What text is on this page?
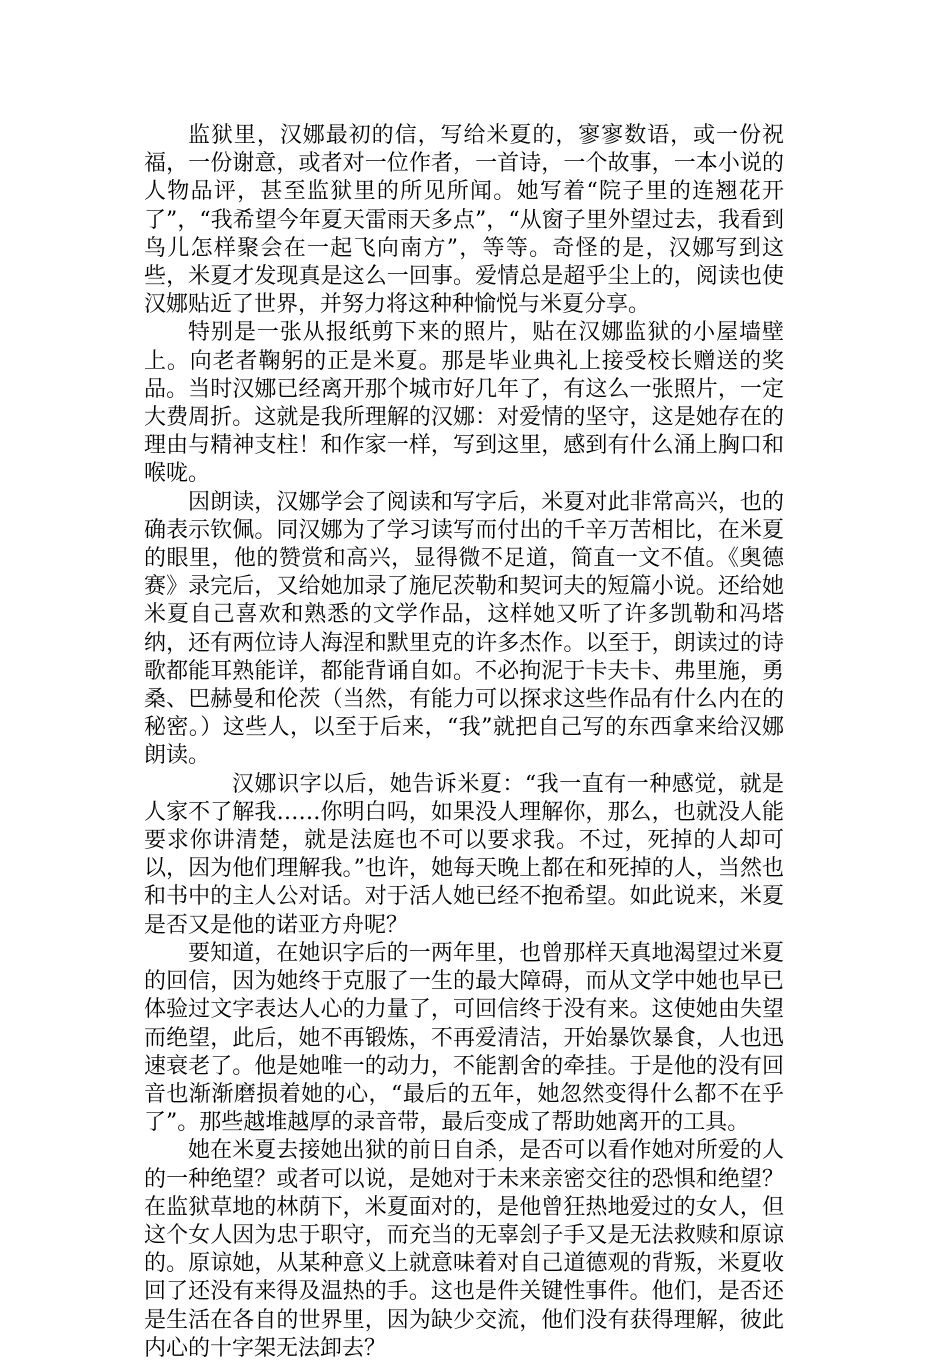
监狱里，汉娜最初的信，写给米夏的，寥寥数语，或一份祝福，一份谢意，或者对一位作者，一首诗，一个故事，一本小说的人物品评，甚至监狱里的所见所闻。她写着“院子里的连翘花开了”，“我希望今年夏天雷雨天多点”，“从窗子里外望过去，我看到鸟儿怎样聚会在一起飞向南方”，等等。奇怪的是，汉娜写到这些，米夏才发现真是这么一回事。爱情总是超乎尘上的，阅读也使汉娜贴近了世界，并努力将这种种愉悦与米夏分享。

特别是一张从报纸剪下来的照片，贴在汉娜监狱的小屋墙壁上。向老者鞠躬的正是米夏。那是毕业典礼上接受校长赠送的奖品。当时汉娜已经离开那个城市好几年了，有这么一张照片，一定大费周折。这就是我所理解的汉娜：对爱情的坚守，这是她存在的理由与精神支柱！和作家一样，写到这里，感到有什么涌上胸口和喉咙。

因朗读，汉娜学会了阅读和写字后，米夏对此非常高兴，也的确表示钦佩。同汉娜为了学习读写而付出的千辛万苦相比，在米夏的眼里，他的赞赏和高兴，显得微不足道，简直一文不值。《奥德赛》录完后，又给她加录了施尼茨勒和契诃夫的短篇小说。还给她米夏自己喜欢和熟悉的文学作品，这样她又听了许多凯勒和冯塔纳，还有两位诗人海涅和默里克的许多杰作。以至于，朗读过的诗歌都能耳熟能详，都能背诵自如。不必拘泥于卡夫卡、弗里施，勇桑、巴赫曼和伦茨（当然，有能力可以探求这些作品有什么内在的秘密。）这些人，以至于后来，“我”就把自己写的东西拿来给汉娜朗读。

汉娜识字以后，她告诉米夏：“我一直有一种感觉，就是人家不了解我……你明白吗，如果没人理解你，那么，也就没人能要求你讲清楚，就是法庭也不可以要求我。不过，死掉的人却可以，因为他们理解我。”也许，她每天晚上都在和死掉的人，当然也和书中的主人公对话。对于活人她已经不抱希望。如此说来，米夏是否又是他的诺亚方舟呢？

要知道，在她识字后的一两年里，也曾那样天真地渴望过米夏的回信，因为她终于克服了一生的最大障碍，而从文学中她也早已体验过文字表达人心的力量了，可回信终于没有来。这使她由失望而绝望，此后，她不再锻炼，不再爱清洁，开始暴饮暴食，人也迅速衰老了。他是她唯一的动力，不能割舍的牵挂。于是他的没有回音也渐渐磨损着她的心，“最后的五年，她忽然变得什么都不在乎了”。那些越堆越厚的录音带，最后变成了帮助她离开的工具。

她在米夏去接她出狱的前日自杀，是否可以看作她对所爱的人的一种绝望？或者可以说，是她对于未来亲密交往的恐惧和绝望？在监狱草地的林荫下，米夏面对的，是他曾狂热地爱过的女人，但这个女人因为忠于职守，而充当的无辜刽子手又是无法救赎和原谅的。原谅她，从某种意义上就意味着对自己道德观的背叛，米夏收回了还没有来得及温热的手。这也是件关键性事件。他们，是否还是生活在各自的世界里，因为缺少交流，他们没有获得理解，彼此内心的十字架无法卸去？
